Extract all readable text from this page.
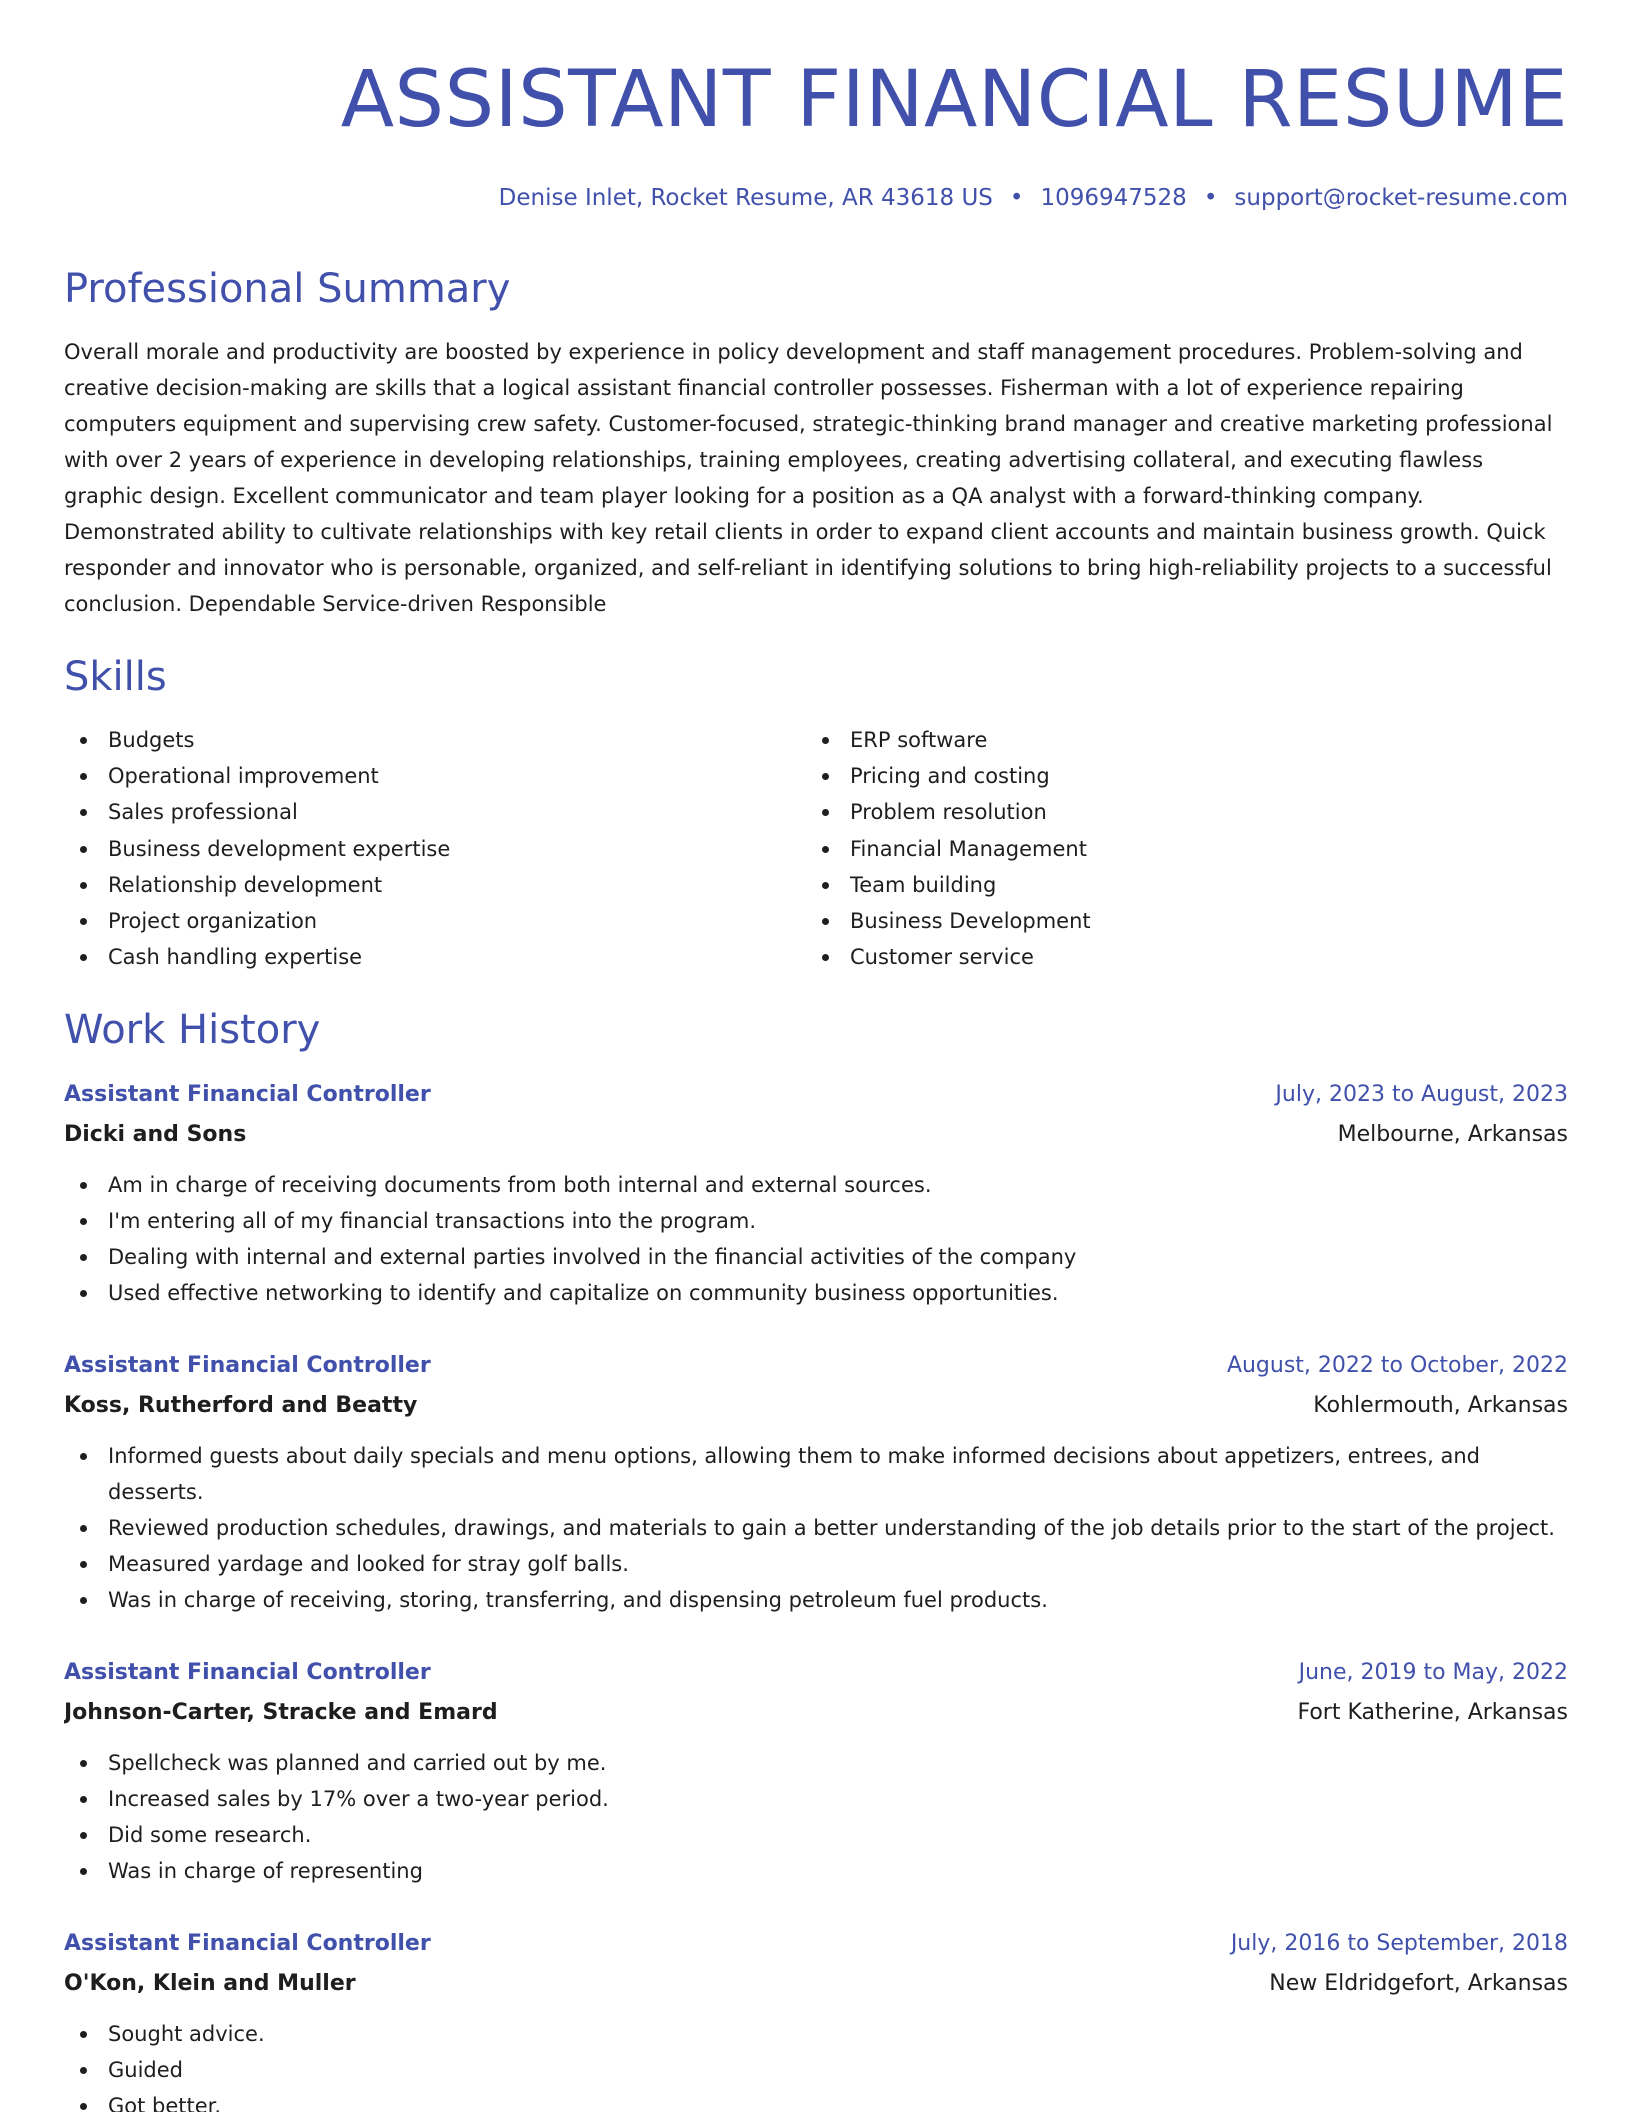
ASSISTANT FINANCIAL RESUME
Denise Inlet, Rocket Resume, AR 43618 US • 1096947528 • support@rocket-resume.com
Professional Summary

Overall morale and productivity are boosted by experience in policy development and staff management procedures. Problem-solving and creative decision-making are skills that a logical assistant financial controller possesses. Fisherman with a lot of experience repairing computers equipment and supervising crew safety. Customer-focused, strategic-thinking brand manager and creative marketing professional with over 2 years of experience in developing relationships, training employees, creating advertising collateral, and executing flawless graphic design. Excellent communicator and team player looking for a position as a QA analyst with a forward-thinking company. Demonstrated ability to cultivate relationships with key retail clients in order to expand client accounts and maintain business growth. Quick responder and innovator who is personable, organized, and self-reliant in identifying solutions to bring high-reliability projects to a successful conclusion. Dependable Service-driven Responsible

Skills
Budgets
Operational improvement
Sales professional
Business development expertise
Relationship development
Project organization
Cash handling expertise
ERP software
Pricing and costing
Problem resolution
Financial Management
Team building
Business Development
Customer service
Work History
Assistant Financial Controller	July, 2023 to August, 2023
Dicki and Sons	Melbourne, Arkansas
Am in charge of receiving documents from both internal and external sources.
I'm entering all of my financial transactions into the program.
Dealing with internal and external parties involved in the financial activities of the company
Used effective networking to identify and capitalize on community business opportunities.
Assistant Financial Controller	August, 2022 to October, 2022
Koss, Rutherford and Beatty	Kohlermouth, Arkansas
Informed guests about daily specials and menu options, allowing them to make informed decisions about appetizers, entrees, and desserts.
Reviewed production schedules, drawings, and materials to gain a better understanding of the job details prior to the start of the project.
Measured yardage and looked for stray golf balls.
Was in charge of receiving, storing, transferring, and dispensing petroleum fuel products.
Assistant Financial Controller	June, 2019 to May, 2022
Johnson-Carter, Stracke and Emard	Fort Katherine, Arkansas
Spellcheck was planned and carried out by me.
Increased sales by 17% over a two-year period.
Did some research.
Was in charge of representing
Assistant Financial Controller	July, 2016 to September, 2018
O'Kon, Klein and Muller	New Eldridgefort, Arkansas
Sought advice.
Guided
Got better.
